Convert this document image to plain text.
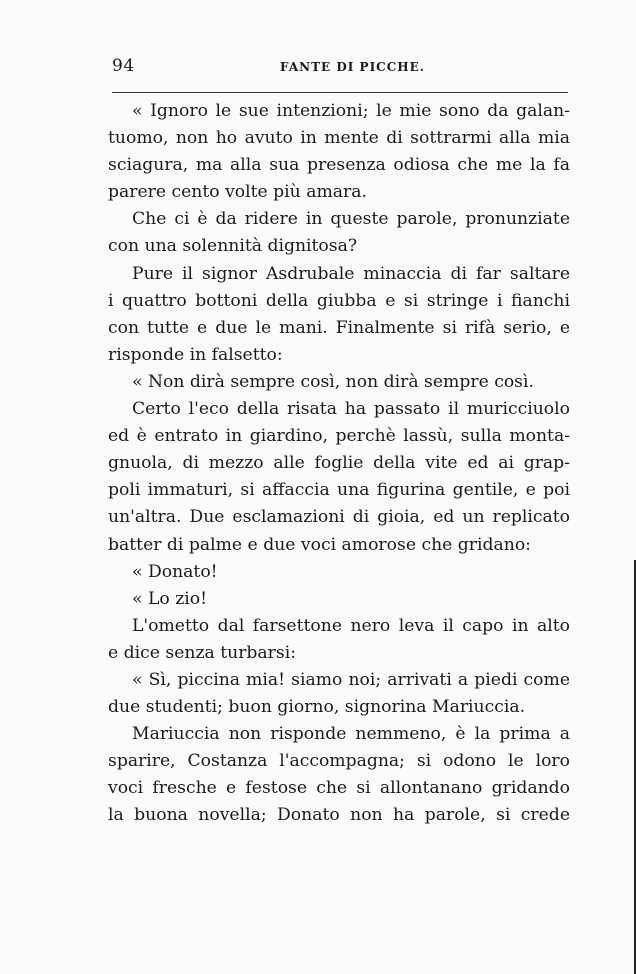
94	FANTE DI PICCHE.
« Ignoro le sue intenzioni; le mie sono da galan-
tuomo, non ho avuto in mente di sottrarmi alla mia
sciagura, ma alla sua presenza odiosa che me la fa
parere cento volte più amara.
Che ci è da ridere in queste parole, pronunziate
con una solennità dignitosa?
Pure il signor Asdrubale minaccia di far saltare
i quattro bottoni della giubba e si stringe i fianchi
con tutte e due le mani. Finalmente si rifà serio, e
risponde in falsetto:
« Non dirà sempre così, non dirà sempre così.
Certo l'eco della risata ha passato il muricciuolo
ed è entrato in giardino, perchè lassù, sulla monta-
gnuola, di mezzo alle foglie della vite ed ai grap-
poli immaturi, si affaccia una figurina gentile, e poi
un'altra. Due esclamazioni di gioia, ed un replicato
batter di palme e due voci amorose che gridano:
« Donato!
« Lo zio!
L'ometto dal farsettone nero leva il capo in alto
e dice senza turbarsi:
« Sì, piccina mia! siamo noi; arrivati a piedi come
due studenti; buon giorno, signorina Mariuccia.
Mariuccia non risponde nemmeno, è la prima a
sparire, Costanza l'accompagna; si odono le loro
voci fresche e festose che si allontanano gridando
la buona novella; Donato non ha parole, si crede
